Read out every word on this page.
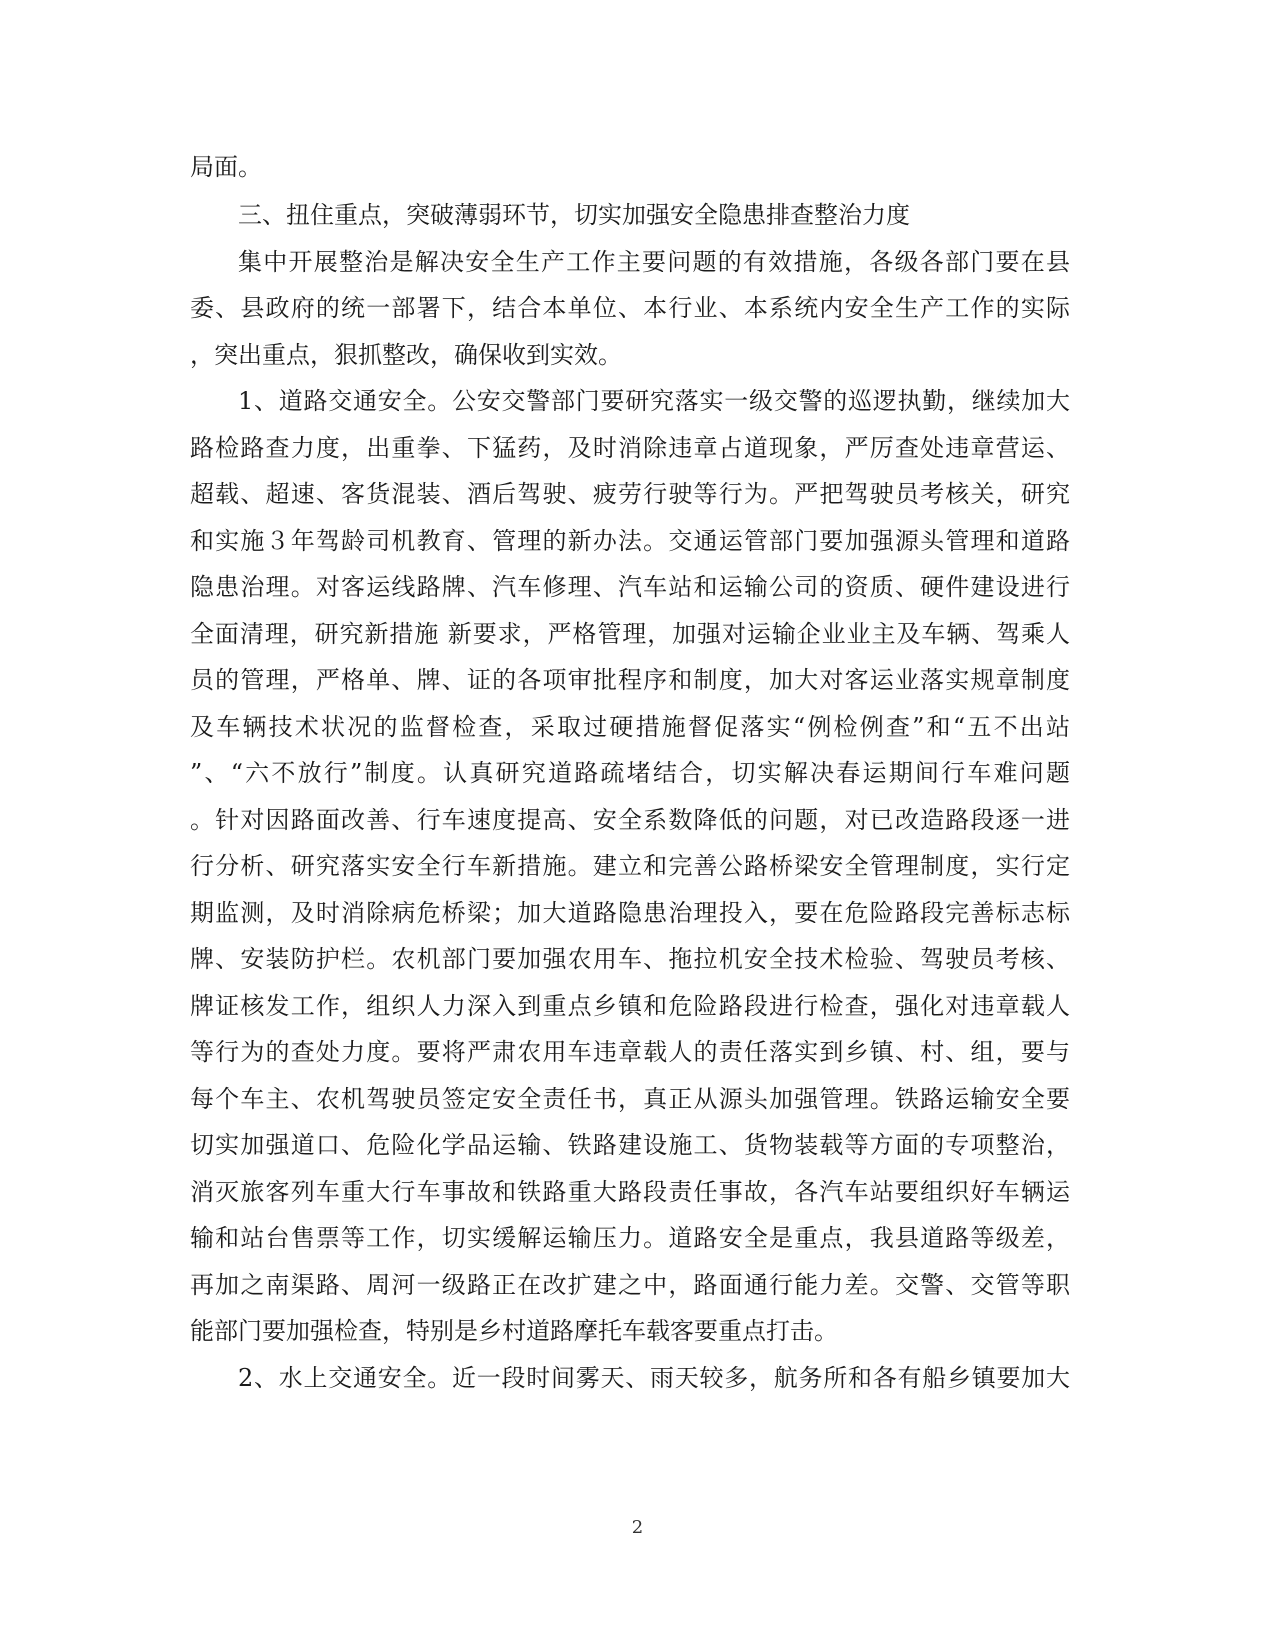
局面。
三、扭住重点，突破薄弱环节，切实加强安全隐患排查整治力度
集中开展整治是解决安全生产工作主要问题的有效措施，各级各部门要在县
委、县政府的统一部署下，结合本单位、本行业、本系统内安全生产工作的实际
，突出重点，狠抓整改，确保收到实效。
1、道路交通安全。公安交警部门要研究落实一级交警的巡逻执勤，继续加大
路检路查力度，出重拳、下猛药，及时消除违章占道现象，严厉查处违章营运、
超载、超速、客货混装、酒后驾驶、疲劳行驶等行为。严把驾驶员考核关，研究
和实施３年驾龄司机教育、管理的新办法。交通运管部门要加强源头管理和道路
隐患治理。对客运线路牌、汽车修理、汽车站和运输公司的资质、硬件建设进行
全面清理，研究新措施 新要求，严格管理，加强对运输企业业主及车辆、驾乘人
员的管理，严格单、牌、证的各项审批程序和制度，加大对客运业落实规章制度
及车辆技术状况的监督检查，采取过硬措施督促落实“例检例查”和“五不出站
”、“六不放行”制度。认真研究道路疏堵结合，切实解决春运期间行车难问题
。针对因路面改善、行车速度提高、安全系数降低的问题，对已改造路段逐一进
行分析、研究落实安全行车新措施。建立和完善公路桥梁安全管理制度，实行定
期监测，及时消除病危桥梁；加大道路隐患治理投入，要在危险路段完善标志标
牌、安装防护栏。农机部门要加强农用车、拖拉机安全技术检验、驾驶员考核、
牌证核发工作，组织人力深入到重点乡镇和危险路段进行检查，强化对违章载人
等行为的查处力度。要将严肃农用车违章载人的责任落实到乡镇、村、组，要与
每个车主、农机驾驶员签定安全责任书，真正从源头加强管理。铁路运输安全要
切实加强道口、危险化学品运输、铁路建设施工、货物装载等方面的专项整治，
消灭旅客列车重大行车事故和铁路重大路段责任事故，各汽车站要组织好车辆运
输和站台售票等工作，切实缓解运输压力。道路安全是重点，我县道路等级差，
再加之南渠路、周河一级路正在改扩建之中，路面通行能力差。交警、交管等职
能部门要加强检查，特别是乡村道路摩托车载客要重点打击。
2、水上交通安全。近一段时间雾天、雨天较多，航务所和各有船乡镇要加大
2
